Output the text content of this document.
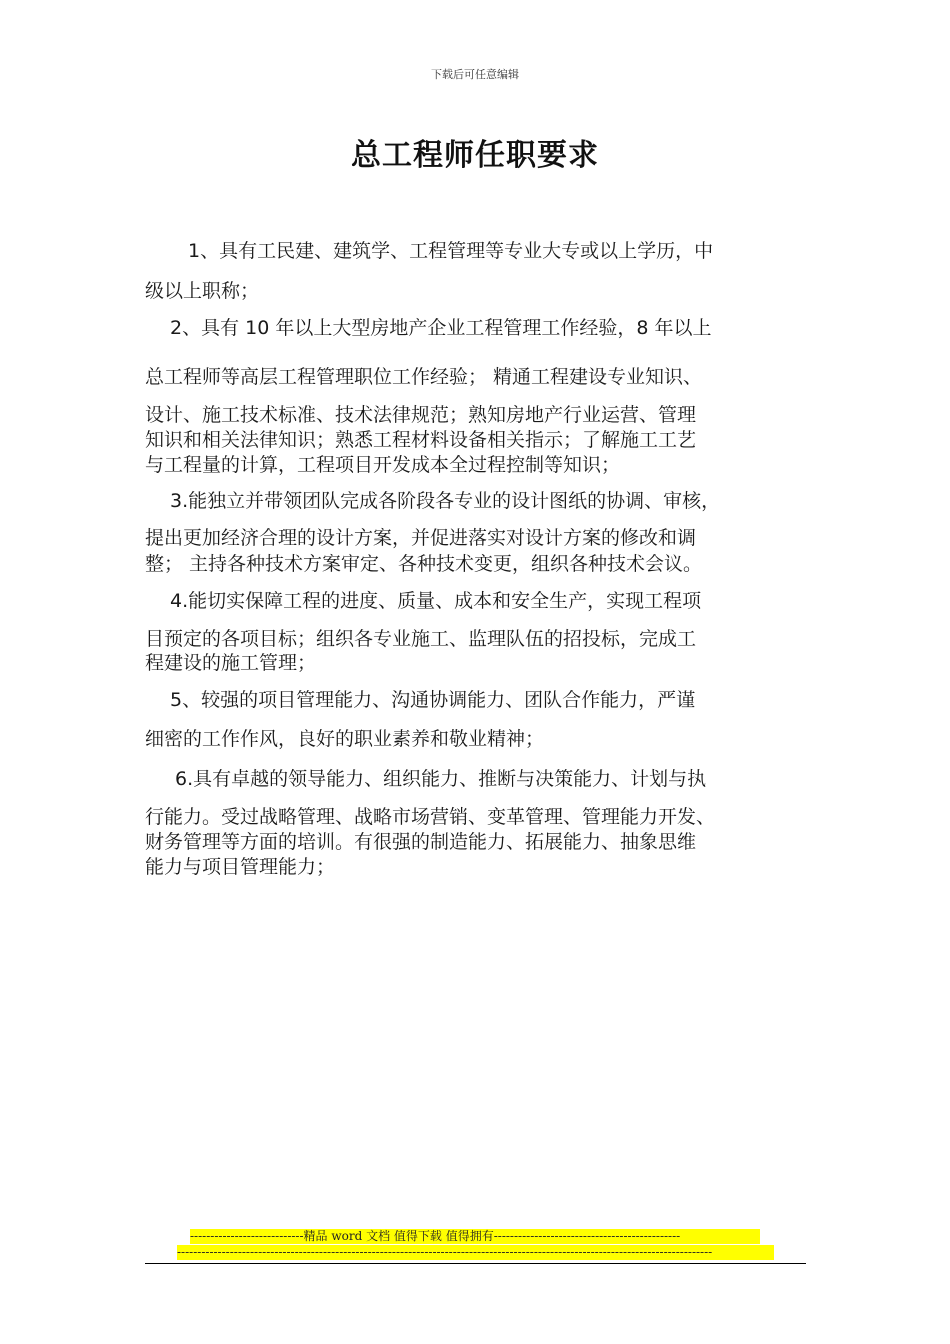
下载后可任意编辑
总工程师任职要求
1、具有工民建、建筑学、工程管理等专业大专或以上学历，中
级以上职称；
2、具有 10 年以上大型房地产企业工程管理工作经验，8 年以上
总工程师等高层工程管理职位工作经验； 精通工程建设专业知识、
设计、施工技术标准、技术法律规范；熟知房地产行业运营、管理
知识和相关法律知识；熟悉工程材料设备相关指示；了解施工工艺
与工程量的计算，工程项目开发成本全过程控制等知识；
3.能独立并带领团队完成各阶段各专业的设计图纸的协调、审核，
提出更加经济合理的设计方案，并促进落实对设计方案的修改和调
整； 主持各种技术方案审定、各种技术变更，组织各种技术会议。
4.能切实保障工程的进度、质量、成本和安全生产，实现工程项
目预定的各项目标；组织各专业施工、监理队伍的招投标，完成工
程建设的施工管理；
5、较强的项目管理能力、沟通协调能力、团队合作能力，严谨
细密的工作作风，良好的职业素养和敬业精神；
6.具有卓越的领导能力、组织能力、推断与决策能力、计划与执
行能力。受过战略管理、战略市场营销、变革管理、管理能力开发、
财务管理等方面的培训。有很强的制造能力、拓展能力、抽象思维
能力与项目管理能力；
----------------------------精品 word 文档 值得下载 值得拥有----------------------------------------------
------------------------------------------------------------------------------------------------------------------------------------
